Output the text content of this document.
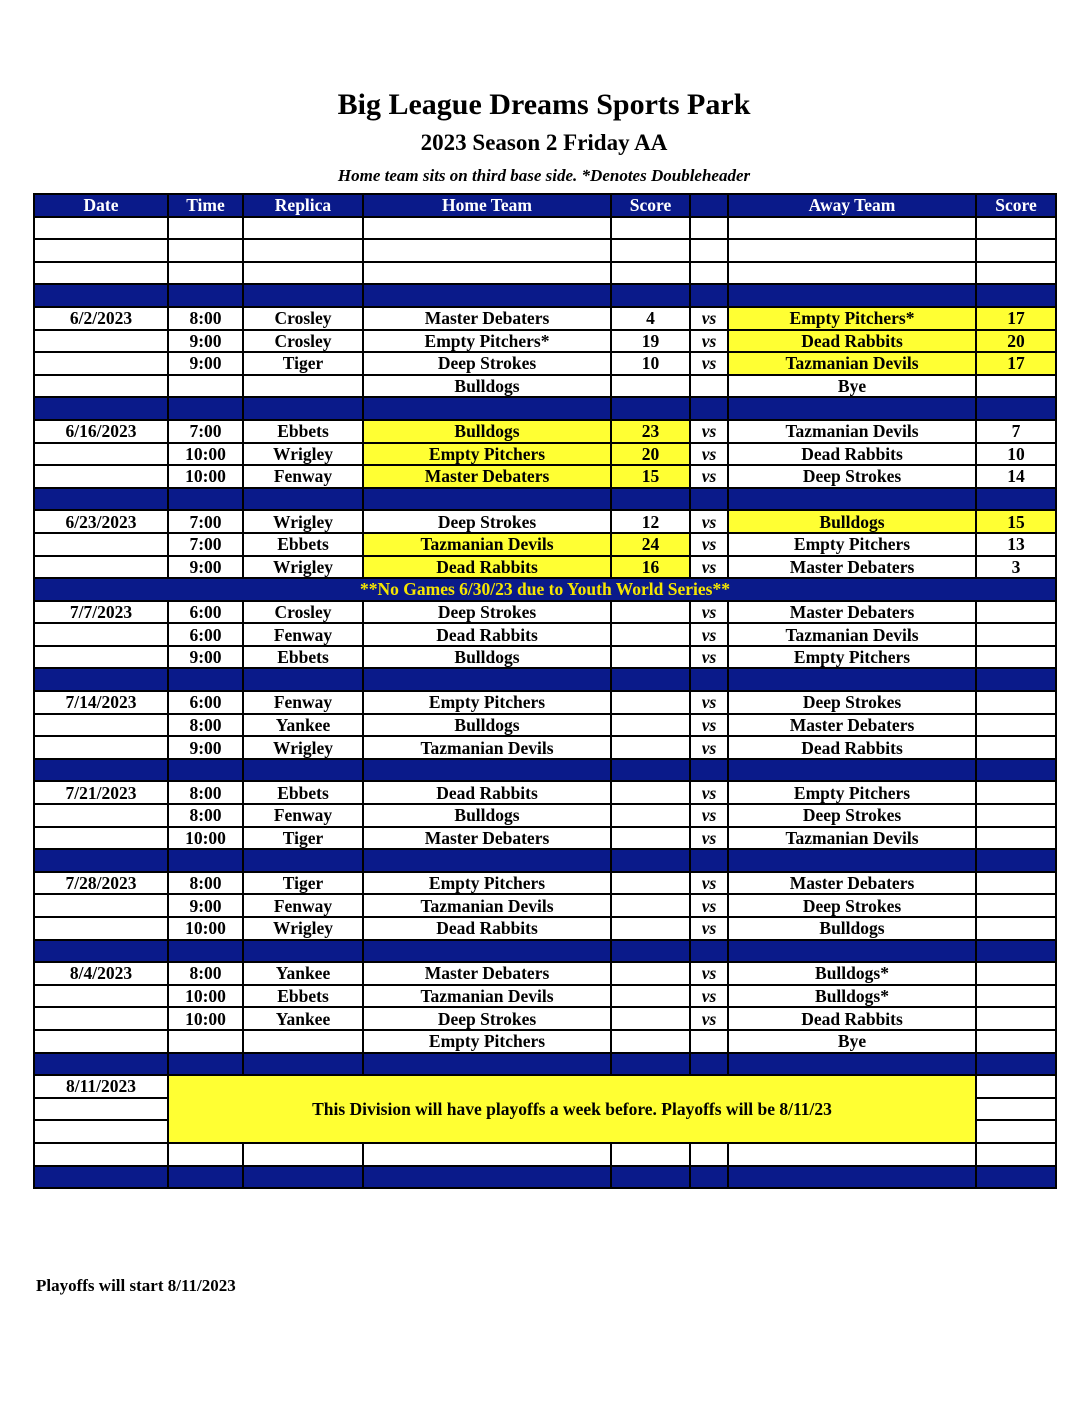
Big League Dreams Sports Park
2023 Season 2 Friday AA
Home team sits on third base side. *Denotes Doubleheader
Date	Time	Replica	Home Team	Score		Away Team	Score

6/2/2023	8:00	Crosley	Master Debaters	4	vs	Empty Pitchers*	17
	9:00	Crosley	Empty Pitchers*	19	vs	Dead Rabbits	20
	9:00	Tiger	Deep Strokes	10	vs	Tazmanian Devils	17
			Bulldogs			Bye	

6/16/2023	7:00	Ebbets	Bulldogs	23	vs	Tazmanian Devils	7
	10:00	Wrigley	Empty Pitchers	20	vs	Dead Rabbits	10
	10:00	Fenway	Master Debaters	15	vs	Deep Strokes	14

6/23/2023	7:00	Wrigley	Deep Strokes	12	vs	Bulldogs	15
	7:00	Ebbets	Tazmanian Devils	24	vs	Empty Pitchers	13
	9:00	Wrigley	Dead Rabbits	16	vs	Master Debaters	3
**No Games 6/30/23 due to Youth World Series**							
7/7/2023	6:00	Crosley	Deep Strokes		vs	Master Debaters	
	6:00	Fenway	Dead Rabbits		vs	Tazmanian Devils	
	9:00	Ebbets	Bulldogs		vs	Empty Pitchers	

7/14/2023	6:00	Fenway	Empty Pitchers		vs	Deep Strokes	
	8:00	Yankee	Bulldogs		vs	Master Debaters	
	9:00	Wrigley	Tazmanian Devils		vs	Dead Rabbits	

7/21/2023	8:00	Ebbets	Dead Rabbits		vs	Empty Pitchers	
	8:00	Fenway	Bulldogs		vs	Deep Strokes	
	10:00	Tiger	Master Debaters		vs	Tazmanian Devils	

7/28/2023	8:00	Tiger	Empty Pitchers		vs	Master Debaters	
	9:00	Fenway	Tazmanian Devils		vs	Deep Strokes	
	10:00	Wrigley	Dead Rabbits		vs	Bulldogs	

8/4/2023	8:00	Yankee	Master Debaters		vs	Bulldogs*	
	10:00	Ebbets	Tazmanian Devils		vs	Bulldogs*	
	10:00	Yankee	Deep Strokes		vs	Dead Rabbits	
			Empty Pitchers			Bye	

8/11/2023	This Division will have playoffs a week before. Playoffs will be 8/11/23						

Playoffs will start 8/11/2023
